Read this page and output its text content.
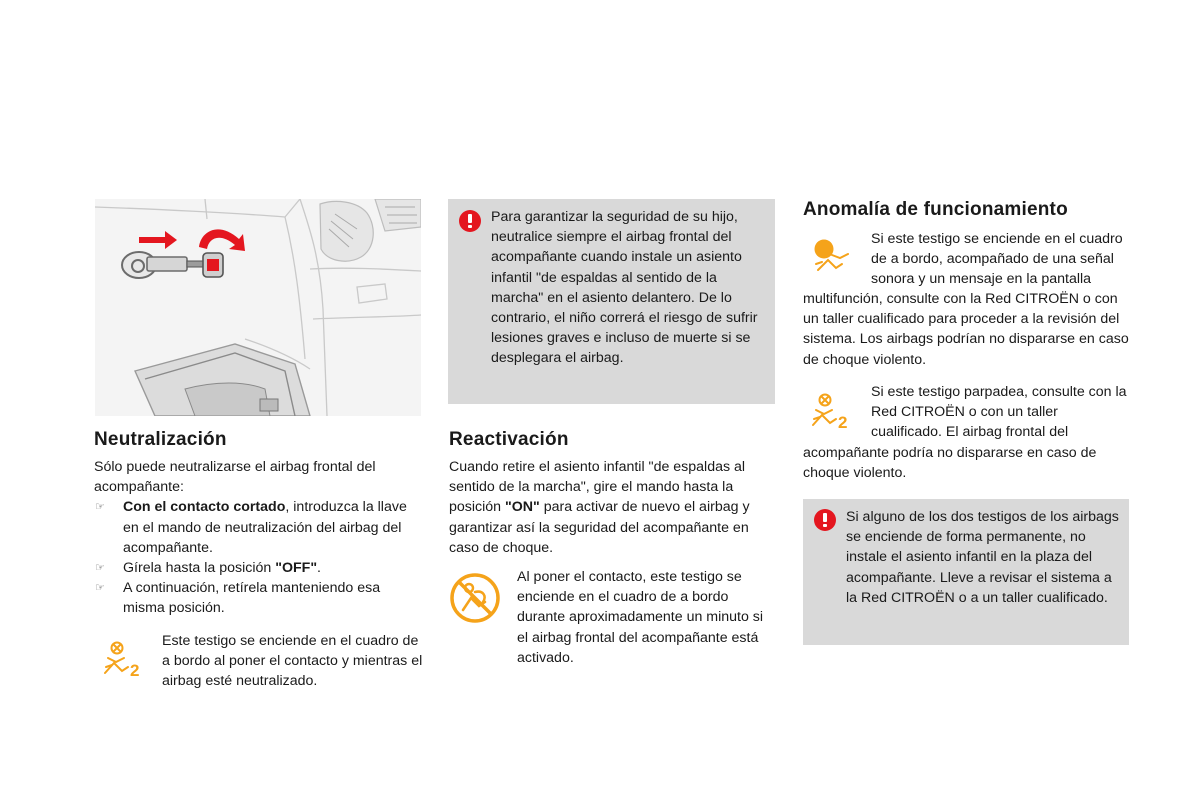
Neutralización

Sólo puede neutralizarse el airbag frontal del acompañante:

☞ Con el contacto cortado, introduzca la llave en el mando de neutralización del airbag del acompañante.
☞ Gírela hasta la posición "OFF".
☞ A continuación, retírela manteniendo esa misma posición.
2
Este testigo se enciende en el cuadro de a bordo al poner el contacto y mientras el airbag esté neutralizado.
Para garantizar la seguridad de su hijo, neutralice siempre el airbag frontal del acompañante cuando instale un asiento infantil "de espaldas al sentido de la marcha" en el asiento delantero. De lo contrario, el niño correrá el riesgo de sufrir lesiones graves e incluso de muerte si se desplegara el airbag.
Reactivación
Cuando retire el asiento infantil "de espaldas al sentido de la marcha", gire el mando hasta la posición "ON" para activar de nuevo el airbag y garantizar así la seguridad del acompañante en caso de choque.
Al poner el contacto, este testigo se enciende en el cuadro de a bordo durante aproximadamente un minuto si el airbag frontal del acompañante está activado.
Anomalía de funcionamiento
Si este testigo se enciende en el cuadro de a bordo, acompañado de una señal sonora y un mensaje en la pantalla
multifunción, consulte con la Red CITROËN o con un taller cualificado para proceder a la revisión del sistema. Los airbags podrían no dispararse en caso de choque violento.
2
Si este testigo parpadea, consulte con la Red CITROËN o con un taller cualificado. El airbag frontal del
acompañante podría no dispararse en caso de choque violento.
Si alguno de los dos testigos de los airbags se enciende de forma permanente, no instale el asiento infantil en la plaza del acompañante. Lleve a revisar el sistema a la Red CITROËN o a un taller cualificado.
